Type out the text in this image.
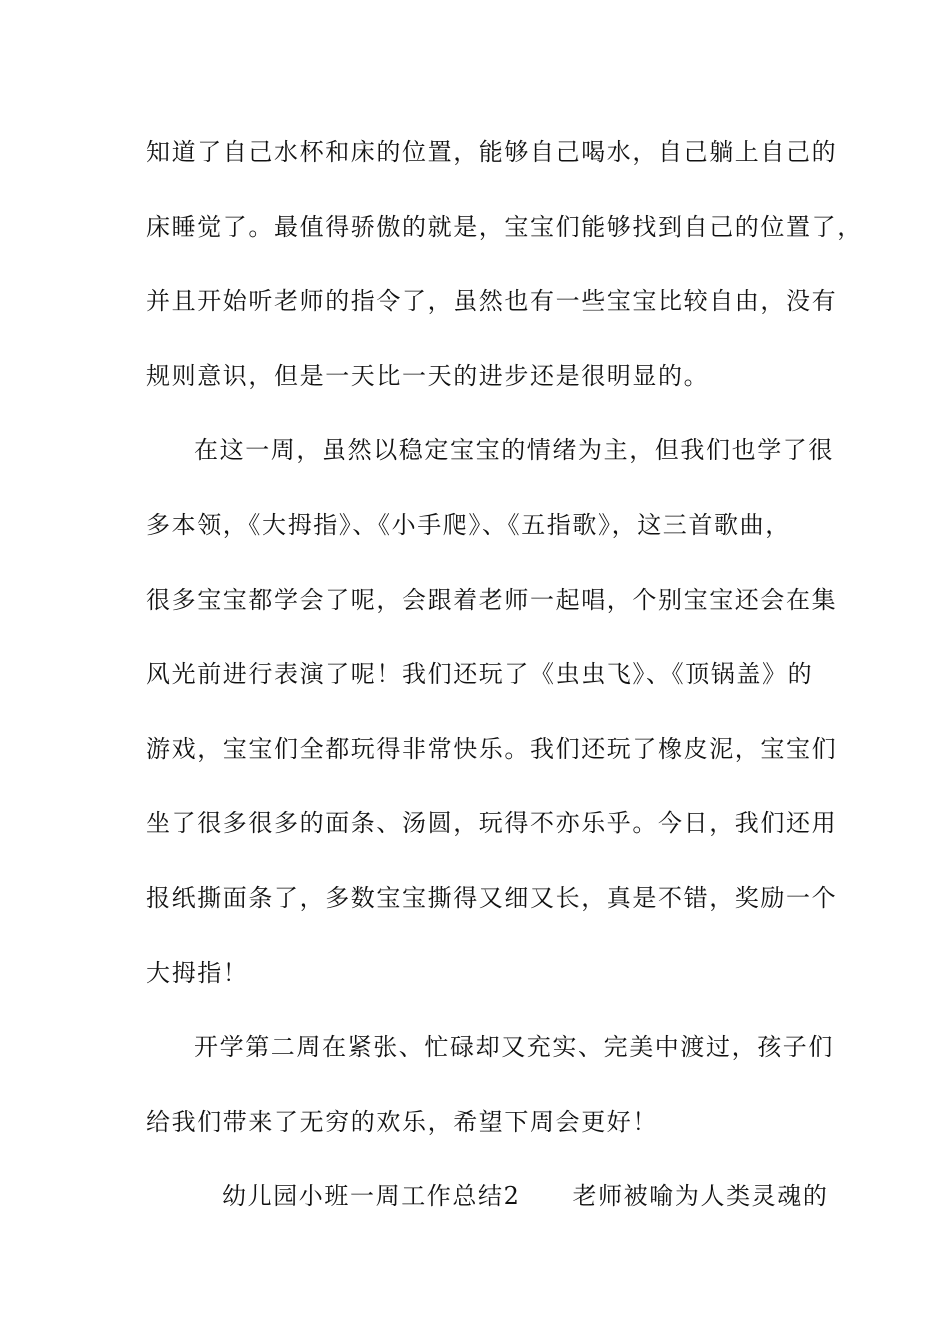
知道了自己水杯和床的位置，能够自己喝水，自己躺上自己的
床睡觉了。最值得骄傲的就是，宝宝们能够找到自己的位置了，
并且开始听老师的指令了，虽然也有一些宝宝比较自由，没有
规则意识，但是一天比一天的进步还是很明显的。
在这一周，虽然以稳定宝宝的情绪为主，但我们也学了很
多本领，《大拇指》、《小手爬》、《五指歌》，这三首歌曲，
很多宝宝都学会了呢，会跟着老师一起唱，个别宝宝还会在集
风光前进行表演了呢！我们还玩了《虫虫飞》、《顶锅盖》的
游戏，宝宝们全都玩得非常快乐。我们还玩了橡皮泥，宝宝们
坐了很多很多的面条、汤圆，玩得不亦乐乎。今日，我们还用
报纸撕面条了，多数宝宝撕得又细又长，真是不错，奖励一个
大拇指！
开学第二周在紧张、忙碌却又充实、完美中渡过，孩子们
给我们带来了无穷的欢乐，希望下周会更好！
幼儿园小班一周工作总结2 老师被喻为人类灵魂的
